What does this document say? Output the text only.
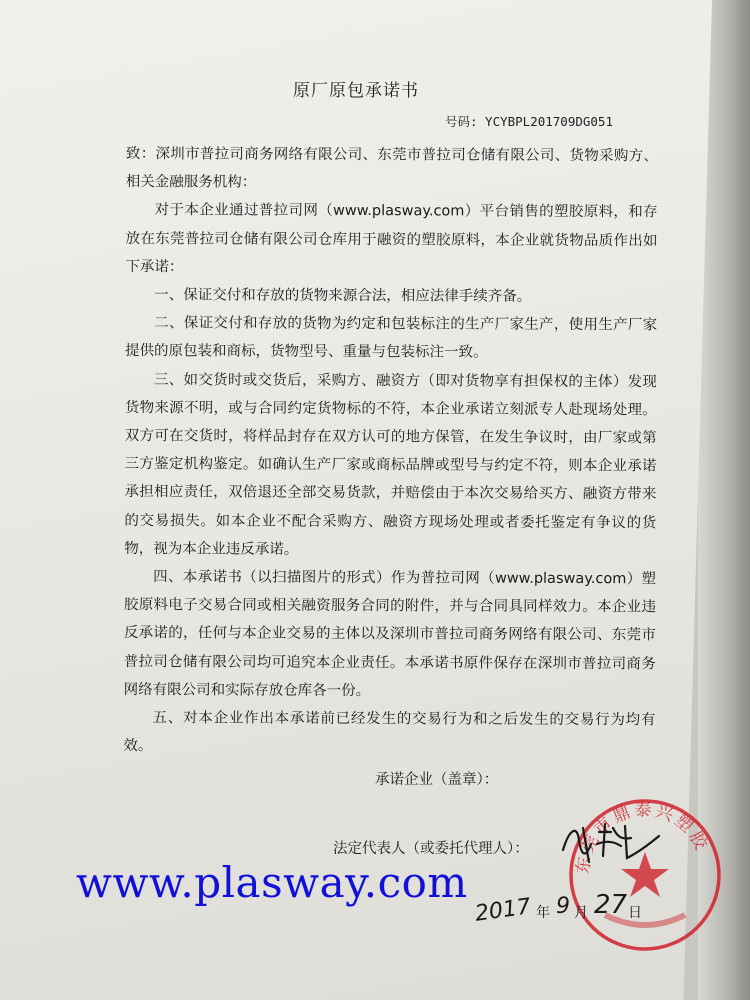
原厂原包承诺书
号码: YCYBPL201709DG051

致：深圳市普拉司商务网络有限公司、东莞市普拉司仓储有限公司、货物采购方、相关金融服务机构：

对于本企业通过普拉司网（www.plasway.com）平台销售的塑胶原料，和存放在东莞普拉司仓储有限公司仓库用于融资的塑胶原料，本企业就货物品质作出如下承诺：

一、保证交付和存放的货物来源合法，相应法律手续齐备。

二、保证交付和存放的货物为约定和包装标注的生产厂家生产，使用生产厂家提供的原包装和商标，货物型号、重量与包装标注一致。

三、如交货时或交货后，采购方、融资方（即对货物享有担保权的主体）发现货物来源不明，或与合同约定货物标的不符，本企业承诺立刻派专人赴现场处理。双方可在交货时，将样品封存在双方认可的地方保管，在发生争议时，由厂家或第三方鉴定机构鉴定。如确认生产厂家或商标品牌或型号与约定不符，则本企业承诺承担相应责任，双倍退还全部交易货款，并赔偿由于本次交易给买方、融资方带来的交易损失。如本企业不配合采购方、融资方现场处理或者委托鉴定有争议的货物，视为本企业违反承诺。

四、本承诺书（以扫描图片的形式）作为普拉司网（www.plasway.com）塑胶原料电子交易合同或相关融资服务合同的附件，并与合同具同样效力。本企业违反承诺的，任何与本企业交易的主体以及深圳市普拉司商务网络有限公司、东莞市普拉司仓储有限公司均可追究本企业责任。本承诺书原件保存在深圳市普拉司商务网络有限公司和实际存放仓库各一份。

五、对本企业作出本承诺前已经发生的交易行为和之后发生的交易行为均有效。

承诺企业（盖章）：
法定代表人（或委托代理人）：
东莞市鼎泰兴塑胶
2017 年 9 月 27 日
www.plasway.com
